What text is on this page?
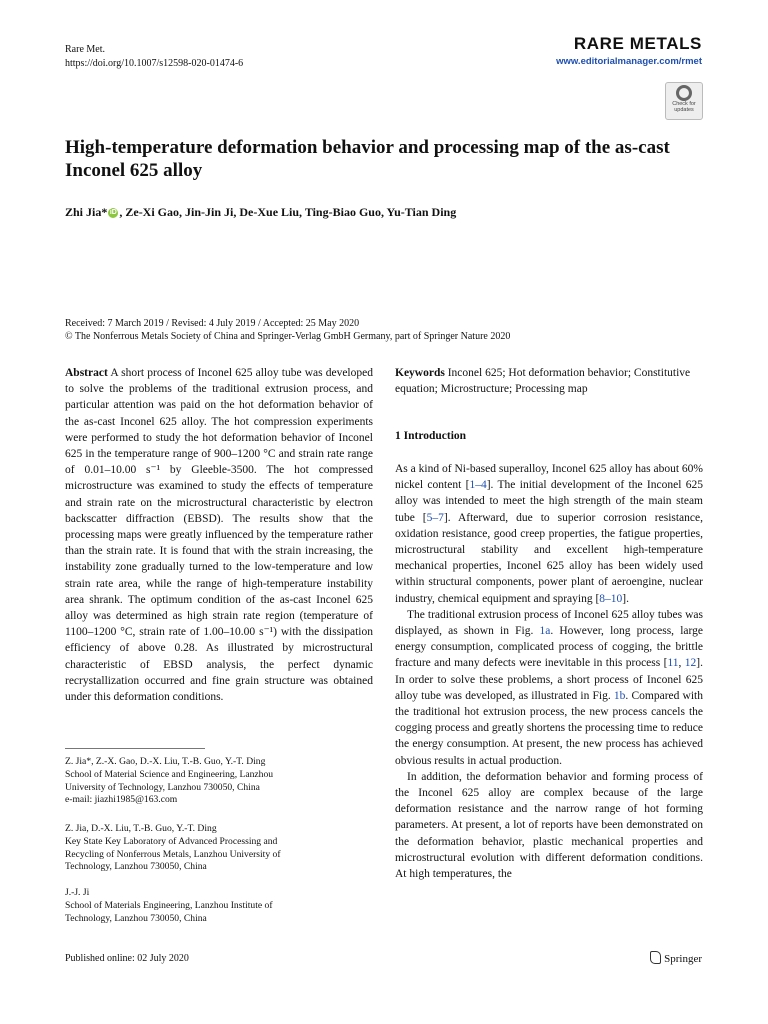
Rare Met.
https://doi.org/10.1007/s12598-020-01474-6
RARE METALS
www.editorialmanager.com/rmet
Check for updates
High-temperature deformation behavior and processing map of the as-cast Inconel 625 alloy
Zhi Jia* iD , Ze-Xi Gao, Jin-Jin Ji, De-Xue Liu, Ting-Biao Guo, Yu-Tian Ding
Received: 7 March 2019 / Revised: 4 July 2019 / Accepted: 25 May 2020
© The Nonferrous Metals Society of China and Springer-Verlag GmbH Germany, part of Springer Nature 2020

Abstract A short process of Inconel 625 alloy tube was developed to solve the problems of the traditional extrusion process, and particular attention was paid on the hot deformation behavior of the as-cast Inconel 625 alloy. The hot compression experiments were performed to study the hot deformation behavior of Inconel 625 in the temperature range of 900–1200 °C and strain rate range of 0.01–10.00 s⁻¹ by Gleeble-3500. The hot compressed microstructure was examined to study the effects of temperature and strain rate on the microstructural characteristic by electron backscatter diffraction (EBSD). The results show that the processing maps were greatly influenced by the temperature rather than the strain rate. It is found that with the strain increasing, the instability zone gradually turned to the low-temperature and low strain rate area, while the range of high-temperature instability area shrank. The optimum condition of the as-cast Inconel 625 alloy was determined as high strain rate region (temperature of 1100–1200 °C, strain rate of 1.00–10.00 s⁻¹) with the dissipation efficiency of above 0.28. As illustrated by microstructural characteristic of EBSD analysis, the perfect dynamic recrystallization occurred and fine grain structure was obtained under this deformation conditions.

Z. Jia*, Z.-X. Gao, D.-X. Liu, T.-B. Guo, Y.-T. Ding
School of Material Science and Engineering, Lanzhou
University of Technology, Lanzhou 730050, China
e-mail: jiazhi1985@163.com
Z. Jia, D.-X. Liu, T.-B. Guo, Y.-T. Ding
Key State Key Laboratory of Advanced Processing and
Recycling of Nonferrous Metals, Lanzhou University of
Technology, Lanzhou 730050, China
J.-J. Ji
School of Materials Engineering, Lanzhou Institute of
Technology, Lanzhou 730050, China

Keywords Inconel 625; Hot deformation behavior; Constitutive equation; Microstructure; Processing map

1 Introduction

As a kind of Ni-based superalloy, Inconel 625 alloy has about 60% nickel content [1–4]. The initial development of the Inconel 625 alloy was intended to meet the high strength of the main steam tube [5–7]. Afterward, due to superior corrosion resistance, oxidation resistance, good creep properties, the fatigue properties, microstructural stability and excellent high-temperature mechanical properties, Inconel 625 alloy has been widely used within structural components, power plant of aeroengine, nuclear industry, chemical equipment and spraying [8–10].

The traditional extrusion process of Inconel 625 alloy tubes was displayed, as shown in Fig. 1a. However, long process, large energy consumption, complicated process of cogging, the brittle fracture and many defects were inevitable in this process [11, 12]. In order to solve these problems, a short process of Inconel 625 alloy tube was developed, as illustrated in Fig. 1b. Compared with the traditional hot extrusion process, the new process cancels the cogging process and greatly shortens the processing time to reduce the energy consumption. At present, the new process has achieved obvious results in actual production.

In addition, the deformation behavior and forming process of the Inconel 625 alloy are complex because of the large deformation resistance and the narrow range of hot forming parameters. At present, a lot of reports have been demonstrated on the deformation behavior, plastic mechanical properties and microstructural evolution with different deformation conditions. At high temperatures, the

Published online: 02 July 2020	Springer
